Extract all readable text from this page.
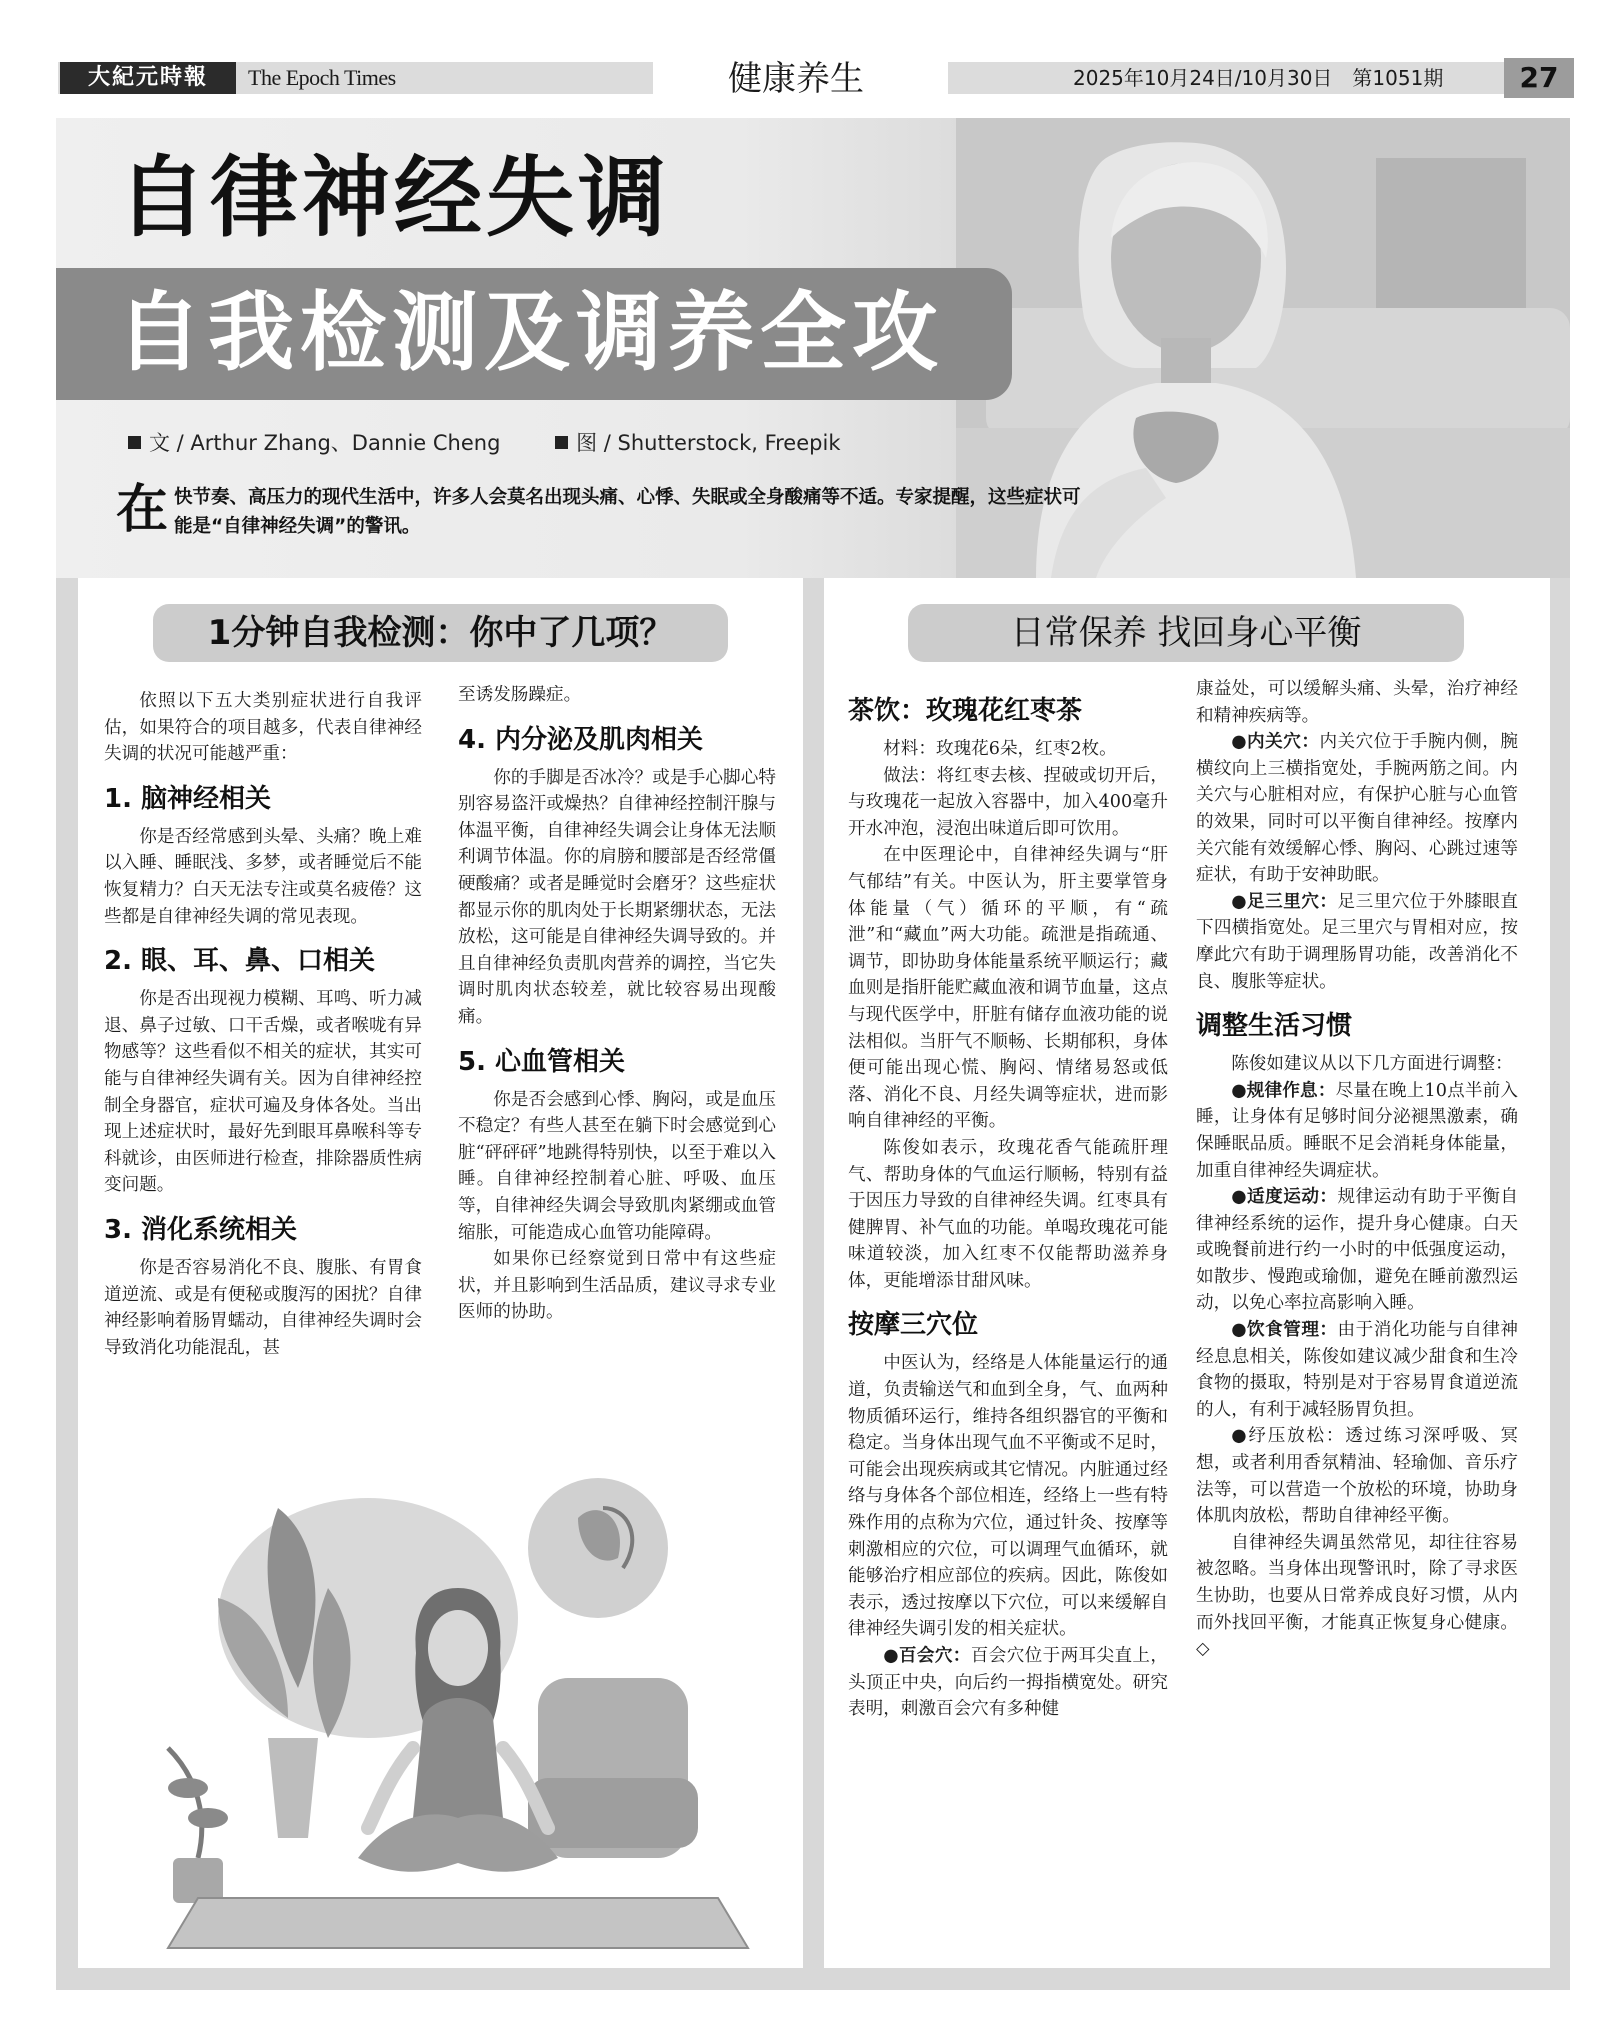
大紀元時報	The Epoch Times	健康养生	2025年10月24日/10月30日　第1051期	27
自律神经失调
自我检测及调养全攻
文 / Arthur Zhang、Dannie Cheng	图 / Shutterstock, Freepik
在快节奏、高压力的现代生活中，许多人会莫名出现头痛、心悸、失眠或全身酸痛等不适。专家提醒，这些症状可能是“自律神经失调”的警讯。
1分钟自我检测：你中了几项？

依照以下五大类别症状进行自我评估，如果符合的项目越多，代表自律神经失调的状况可能越严重：

1. 脑神经相关

你是否经常感到头晕、头痛？晚上难以入睡、睡眠浅、多梦，或者睡觉后不能恢复精力？白天无法专注或莫名疲倦？这些都是自律神经失调的常见表现。

2. 眼、耳、鼻、口相关

你是否出现视力模糊、耳鸣、听力减退、鼻子过敏、口干舌燥，或者喉咙有异物感等？这些看似不相关的症状，其实可能与自律神经失调有关。因为自律神经控制全身器官，症状可遍及身体各处。当出现上述症状时，最好先到眼耳鼻喉科等专科就诊，由医师进行检查，排除器质性病变问题。

3. 消化系统相关

你是否容易消化不良、腹胀、有胃食道逆流、或是有便秘或腹泻的困扰？自律神经影响着肠胃蠕动，自律神经失调时会导致消化功能混乱，甚

至诱发肠躁症。
4. 内分泌及肌肉相关

你的手脚是否冰冷？或是手心脚心特别容易盗汗或燥热？自律神经控制汗腺与体温平衡，自律神经失调会让身体无法顺利调节体温。你的肩膀和腰部是否经常僵硬酸痛？或者是睡觉时会磨牙？这些症状都显示你的肌肉处于长期紧绷状态，无法放松，这可能是自律神经失调导致的。并且自律神经负责肌肉营养的调控，当它失调时肌肉状态较差，就比较容易出现酸痛。

5. 心血管相关

你是否会感到心悸、胸闷，或是血压不稳定？有些人甚至在躺下时会感觉到心脏“砰砰砰”地跳得特别快，以至于难以入睡。自律神经控制着心脏、呼吸、血压等，自律神经失调会导致肌肉紧绷或血管缩胀，可能造成心血管功能障碍。

如果你已经察觉到日常中有这些症状，并且影响到生活品质，建议寻求专业医师的协助。

日常保养 找回身心平衡
茶饮：玫瑰花红枣茶

材料：玫瑰花6朵，红枣2枚。

做法：将红枣去核、捏破或切开后，与玫瑰花一起放入容器中，加入400毫升开水冲泡，浸泡出味道后即可饮用。

在中医理论中，自律神经失调与“肝气郁结”有关。中医认为，肝主要掌管身体能量（气）循环的平顺，有“疏泄”和“藏血”两大功能。疏泄是指疏通、调节，即协助身体能量系统平顺运行；藏血则是指肝能贮藏血液和调节血量，这点与现代医学中，肝脏有储存血液功能的说法相似。当肝气不顺畅、长期郁积，身体便可能出现心慌、胸闷、情绪易怒或低落、消化不良、月经失调等症状，进而影响自律神经的平衡。

陈俊如表示，玫瑰花香气能疏肝理气、帮助身体的气血运行顺畅，特别有益于因压力导致的自律神经失调。红枣具有健脾胃、补气血的功能。单喝玫瑰花可能味道较淡，加入红枣不仅能帮助滋养身体，更能增添甘甜风味。

按摩三穴位

中医认为，经络是人体能量运行的通道，负责输送气和血到全身，气、血两种物质循环运行，维持各组织器官的平衡和稳定。当身体出现气血不平衡或不足时，可能会出现疾病或其它情况。内脏通过经络与身体各个部位相连，经络上一些有特殊作用的点称为穴位，通过针灸、按摩等刺激相应的穴位，可以调理气血循环，就能够治疗相应部位的疾病。因此，陈俊如表示，透过按摩以下穴位，可以来缓解自律神经失调引发的相关症状。

●百会穴：百会穴位于两耳尖直上，头顶正中央，向后约一拇指横宽处。研究表明，刺激百会穴有多种健

康益处，可以缓解头痛、头晕，治疗神经和精神疾病等。

●内关穴：内关穴位于手腕内侧，腕横纹向上三横指宽处，手腕两筋之间。内关穴与心脏相对应，有保护心脏与心血管的效果，同时可以平衡自律神经。按摩内关穴能有效缓解心悸、胸闷、心跳过速等症状，有助于安神助眠。

●足三里穴：足三里穴位于外膝眼直下四横指宽处。足三里穴与胃相对应，按摩此穴有助于调理肠胃功能，改善消化不良、腹胀等症状。

调整生活习惯

陈俊如建议从以下几方面进行调整：

●规律作息：尽量在晚上10点半前入睡，让身体有足够时间分泌褪黑激素，确保睡眠品质。睡眠不足会消耗身体能量，加重自律神经失调症状。

●适度运动：规律运动有助于平衡自律神经系统的运作，提升身心健康。白天或晚餐前进行约一小时的中低强度运动，如散步、慢跑或瑜伽，避免在睡前激烈运动，以免心率拉高影响入睡。

●饮食管理：由于消化功能与自律神经息息相关，陈俊如建议减少甜食和生冷食物的摄取，特别是对于容易胃食道逆流的人，有利于减轻肠胃负担。

●纾压放松：透过练习深呼吸、冥想，或者利用香氛精油、轻瑜伽、音乐疗法等，可以营造一个放松的环境，协助身体肌肉放松，帮助自律神经平衡。

自律神经失调虽然常见，却往往容易被忽略。当身体出现警讯时，除了寻求医生协助，也要从日常养成良好习惯，从内而外找回平衡，才能真正恢复身心健康。◇
